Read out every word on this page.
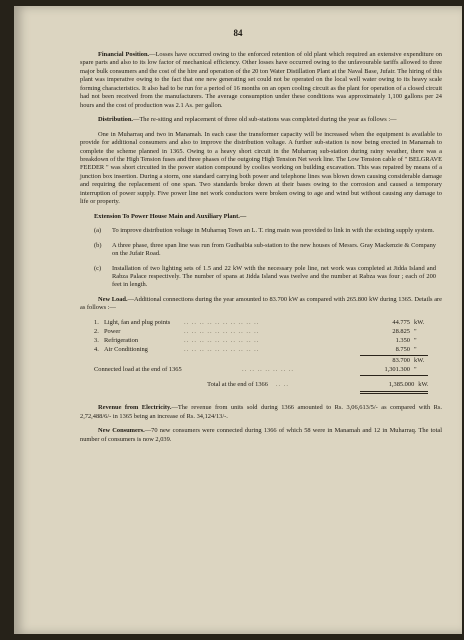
84

Financial Position.—Losses have occurred owing to the enforced retention of old plant which required an extensive expenditure on spare parts and also to its low factor of mechanical efficiency. Other losses have occurred owing to the unfavourable tariffs allowed to three major bulk consumers and the cost of the hire and operation of the 20 ton Water Distillation Plant at the Naval Base, Jufair. The hiring of this plant was imperative owing to the fact that one new generating set could not be operated on the local well water owing to its heavy scale forming characteristics. It also had to be run for a period of 16 months on an open cooling circuit as the plant for operation of a closed circuit had not been received from the manufacturers. The average consumption under these conditions was approximately 1,100 gallons per 24 hours and the cost of production was 2.1 As. per gallon.

Distribution.—The re-siting and replacement of three old sub-stations was completed during the year as follows :—

One in Muharraq and two in Manamah. In each case the transformer capacity will be increased when the equipment is available to provide for additional consumers and also to improve the distribution voltage. A further sub-station is now being erected in Manamah to complete the scheme planned in 1365. Owing to a heavy short circuit in the Muharraq sub-station during rainy weather, there was a breakdown of the High Tension fuses and three phases of the outgoing High Tension Net work line. The Low Tension cable of " BELGRAVE FEEDER " was short circuited in the power station compound by coolies working on building excavation. This was repaired by means of a junction box insertion. During a storm, one standard carrying both power and telephone lines was blown down causing considerable damage and requiring the replacement of one span. Two standards broke down at their bases owing to the corrosion and caused a temporary interruption of power supply. Five power line net work conductors were broken owing to age and wind but without causing any damage to life or property.

Extension To Power House Main and Auxiliary Plant.—
(a)	To improve distribution voltage in Muharraq Town an L. T. ring main was provided to link in with the existing supply system.
(b)	A three phase, three span line was run from Gudhaibia sub-station to the new houses of Messrs. Gray Mackenzie & Company on the Jufair Road.
(c)	Installation of two lighting sets of 1.5 and 22 kW with the necessary pole line, net work was completed at Jidda Island and Rabza Palace respectively. The number of spans at Jidda Island was twelve and the number at Rabza was four ; each of 200 feet in length.

New Load.—Additional connections during the year amounted to 83.700 kW as compared with 265.800 kW during 1365. Details are as follows :—

1. Light, fan and plug points	.. .. .. .. .. .. .. .. .. ..	44.775 kW.
2. Power	.. .. .. .. .. .. .. .. .. ..	28.825 "
3. Refrigeration	.. .. .. .. .. .. .. .. .. ..	1.350 "
4. Air Conditioning	.. .. .. .. .. .. .. .. .. ..	8.750 "
83.700 kW.
Connected load at the end of 1365	.. .. .. .. .. .. ..	1,301.300 "
Total at the end of 1366	.. ..	1,385.000 kW.

Revenue from Electricity.—The revenue from units sold during 1366 amounted to Rs. 3,06,613/5/- as compared with Rs. 2,72,488/6/- in 1365 being an increase of Rs. 34,124/13/-.

New Consumers.—70 new consumers were connected during 1366 of which 58 were in Manamah and 12 in Muharraq. The total number of consumers is now 2,039.
